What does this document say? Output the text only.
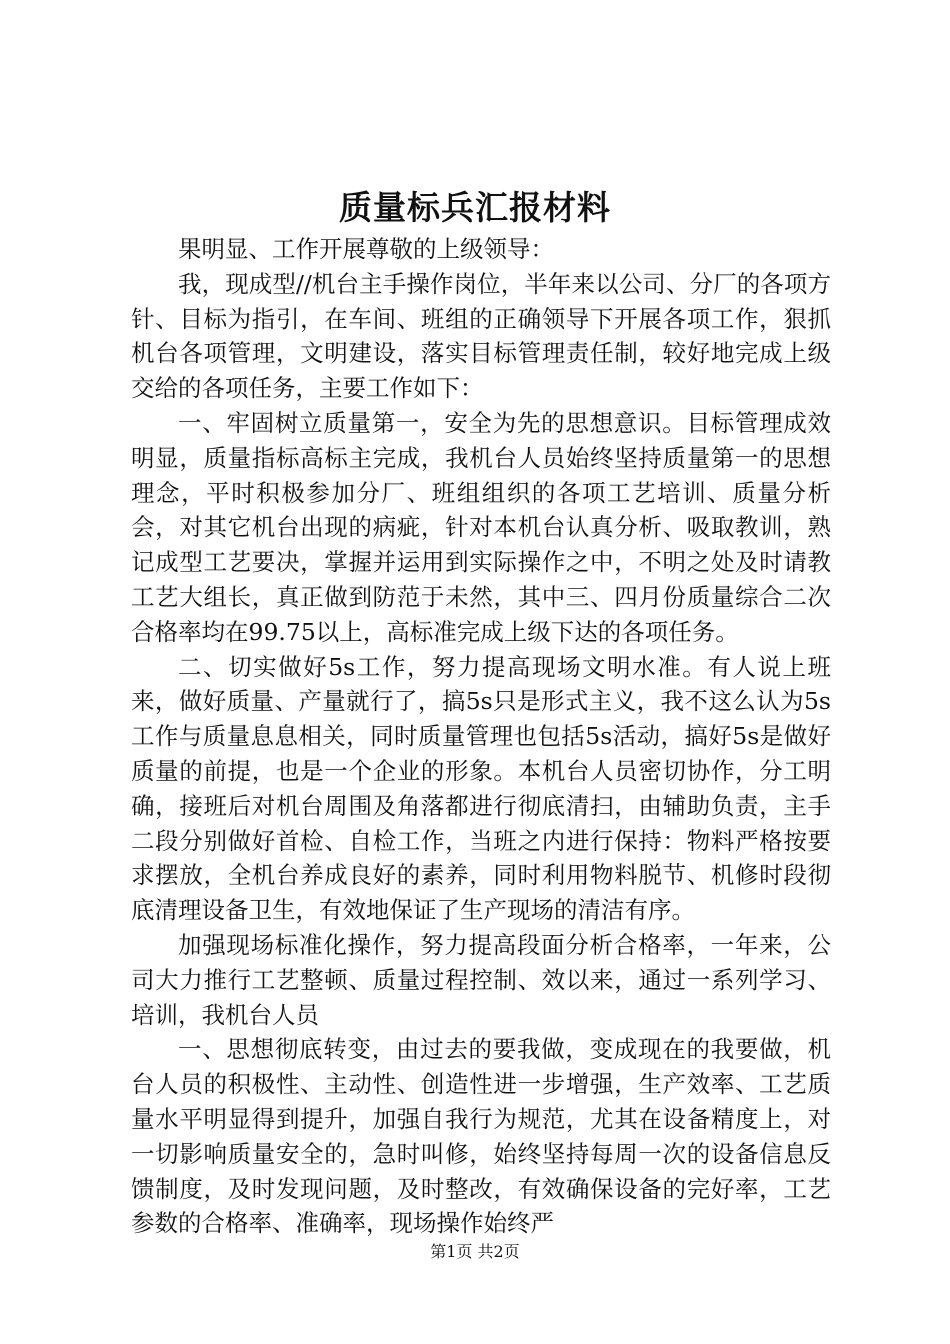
质量标兵汇报材料

果明显、工作开展尊敬的上级领导：

我，现成型//机台主手操作岗位，半年来以公司、分厂的各项方针、目标为指引，在车间、班组的正确领导下开展各项工作，狠抓机台各项管理，文明建设，落实目标管理责任制，较好地完成上级交给的各项任务，主要工作如下：

一、牢固树立质量第一，安全为先的思想意识。目标管理成效明显，质量指标高标主完成，我机台人员始终坚持质量第一的思想理念，平时积极参加分厂、班组组织的各项工艺培训、质量分析会，对其它机台出现的病疵，针对本机台认真分析、吸取教训，熟记成型工艺要决，掌握并运用到实际操作之中，不明之处及时请教工艺大组长，真正做到防范于未然，其中三、四月份质量综合二次合格率均在99.75以上，高标准完成上级下达的各项任务。

二、切实做好5s工作，努力提高现场文明水准。有人说上班来，做好质量、产量就行了，搞5s只是形式主义，我不这么认为5s工作与质量息息相关，同时质量管理也包括5s活动，搞好5s是做好质量的前提，也是一个企业的形象。本机台人员密切协作，分工明确，接班后对机台周围及角落都进行彻底清扫，由辅助负责，主手二段分别做好首检、自检工作，当班之内进行保持：物料严格按要求摆放，全机台养成良好的素养，同时利用物料脱节、机修时段彻底清理设备卫生，有效地保证了生产现场的清洁有序。

加强现场标准化操作，努力提高段面分析合格率，一年来，公司大力推行工艺整顿、质量过程控制、效以来，通过一系列学习、培训，我机台人员

一、思想彻底转变，由过去的要我做，变成现在的我要做，机台人员的积极性、主动性、创造性进一步增强，生产效率、工艺质量水平明显得到提升，加强自我行为规范，尤其在设备精度上，对一切影响质量安全的，急时叫修，始终坚持每周一次的设备信息反馈制度，及时发现问题，及时整改，有效确保设备的完好率，工艺参数的合格率、准确率，现场操作始终严

第1页 共2页
